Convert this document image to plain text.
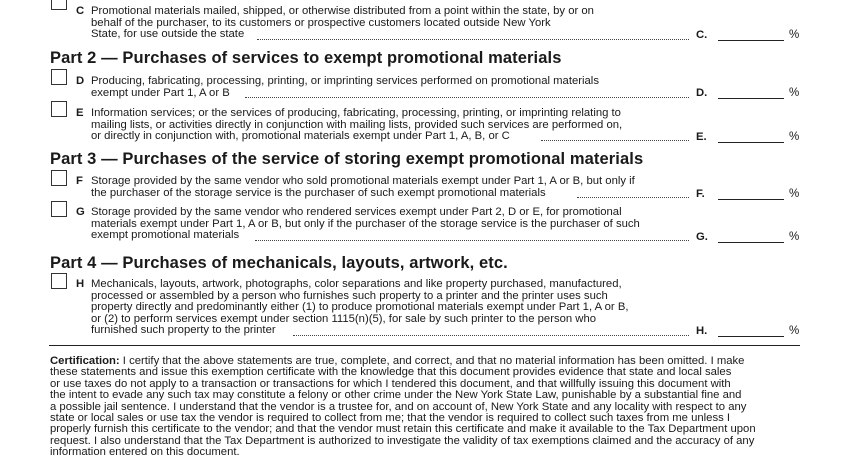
C Promotional materials mailed, shipped, or otherwise distributed from a point within the state, by or on
behalf of the purchaser, to its customers or prospective customers located outside New York
State, for use outside the state	C.	%
Part 2 — Purchases of services to exempt promotional materials
D Producing, fabricating, processing, printing, or imprinting services performed on promotional materials
exempt under Part 1, A or B	D.	%
E Information services; or the services of producing, fabricating, processing, printing, or imprinting relating to
mailing lists, or activities directly in conjunction with mailing lists, provided such services are performed on,
or directly in conjunction with, promotional materials exempt under Part 1, A, B, or C	E.	%
Part 3 — Purchases of the service of storing exempt promotional materials
F Storage provided by the same vendor who sold promotional materials exempt under Part 1, A or B, but only if
the purchaser of the storage service is the purchaser of such exempt promotional materials	F.	%
G Storage provided by the same vendor who rendered services exempt under Part 2, D or E, for promotional
materials exempt under Part 1, A or B, but only if the purchaser of the storage service is the purchaser of such
exempt promotional materials	G.	%
Part 4 — Purchases of mechanicals, layouts, artwork, etc.
H Mechanicals, layouts, artwork, photographs, color separations and like property purchased, manufactured,
processed or assembled by a person who furnishes such property to a printer and the printer uses such
property directly and predominantly either (1) to produce promotional materials exempt under Part 1, A or B,
or (2) to perform services exempt under section 1115(n)(5), for sale by such printer to the person who
furnished such property to the printer	H.	%
Certification: I certify that the above statements are true, complete, and correct, and that no material information has been omitted. I make
these statements and issue this exemption certificate with the knowledge that this document provides evidence that state and local sales
or use taxes do not apply to a transaction or transactions for which I tendered this document, and that willfully issuing this document with
the intent to evade any such tax may constitute a felony or other crime under the New York State Law, punishable by a substantial fine and
a possible jail sentence. I understand that the vendor is a trustee for, and on account of, New York State and any locality with respect to any
state or local sales or use tax the vendor is required to collect from me; that the vendor is required to collect such taxes from me unless I
properly furnish this certificate to the vendor; and that the vendor must retain this certificate and make it available to the Tax Department upon
request. I also understand that the Tax Department is authorized to investigate the validity of tax exemptions claimed and the accuracy of any
information entered on this document.
